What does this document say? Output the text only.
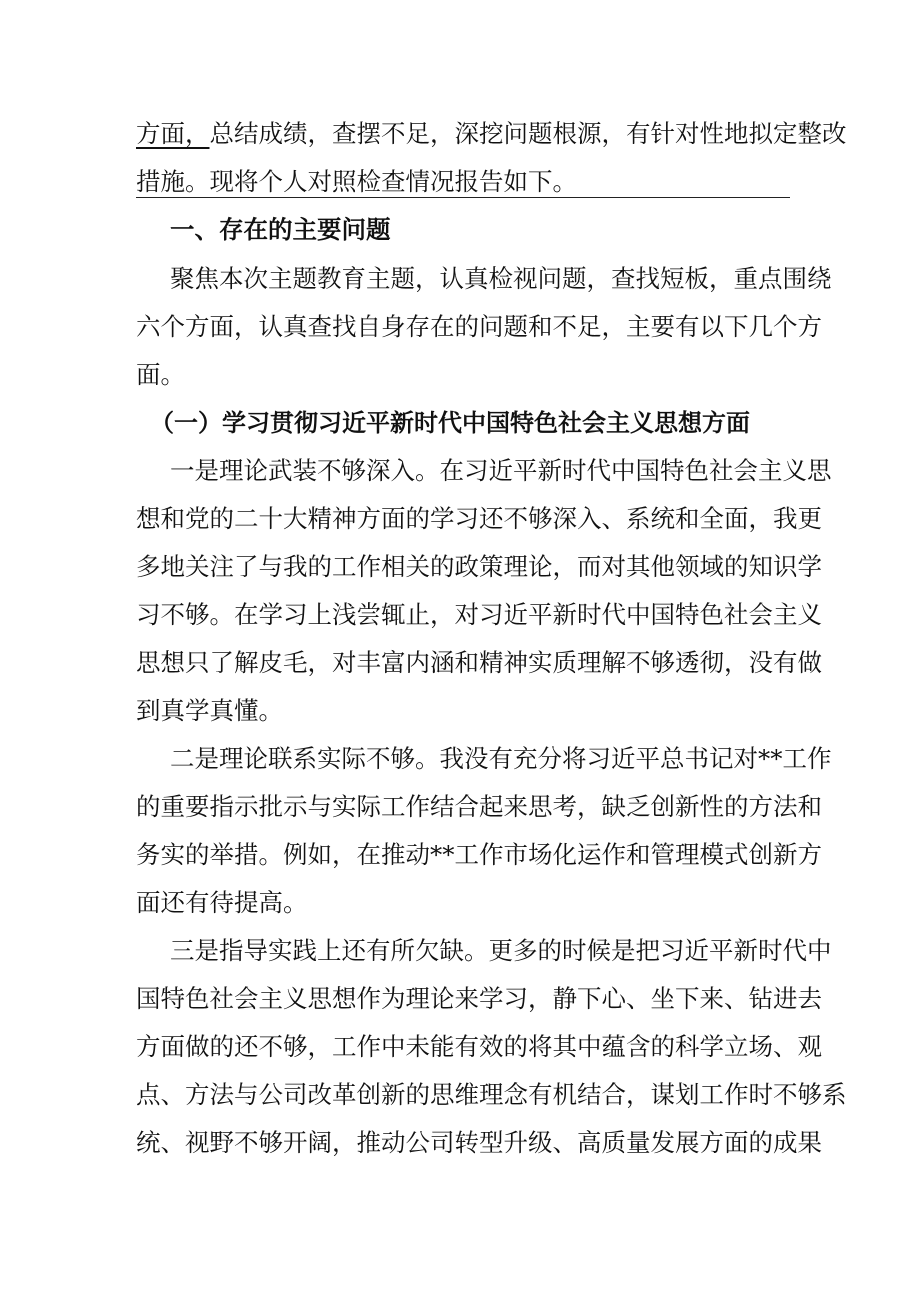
方面，总结成绩，查摆不足，深挖问题根源，有针对性地拟定整改
措施。现将个人对照检查情况报告如下。
一、存在的主要问题
聚焦本次主题教育主题，认真检视问题，查找短板，重点围绕
六个方面，认真查找自身存在的问题和不足，主要有以下几个方
面。
（一）学习贯彻习近平新时代中国特色社会主义思想方面
一是理论武装不够深入。在习近平新时代中国特色社会主义思
想和党的二十大精神方面的学习还不够深入、系统和全面，我更
多地关注了与我的工作相关的政策理论，而对其他领域的知识学
习不够。在学习上浅尝辄止，对习近平新时代中国特色社会主义
思想只了解皮毛，对丰富内涵和精神实质理解不够透彻，没有做
到真学真懂。
二是理论联系实际不够。我没有充分将习近平总书记对**工作
的重要指示批示与实际工作结合起来思考，缺乏创新性的方法和
务实的举措。例如，在推动**工作市场化运作和管理模式创新方
面还有待提高。
三是指导实践上还有所欠缺。更多的时候是把习近平新时代中
国特色社会主义思想作为理论来学习，静下心、坐下来、钻进去
方面做的还不够，工作中未能有效的将其中蕴含的科学立场、观
点、方法与公司改革创新的思维理念有机结合，谋划工作时不够系
统、视野不够开阔，推动公司转型升级、高质量发展方面的成果
